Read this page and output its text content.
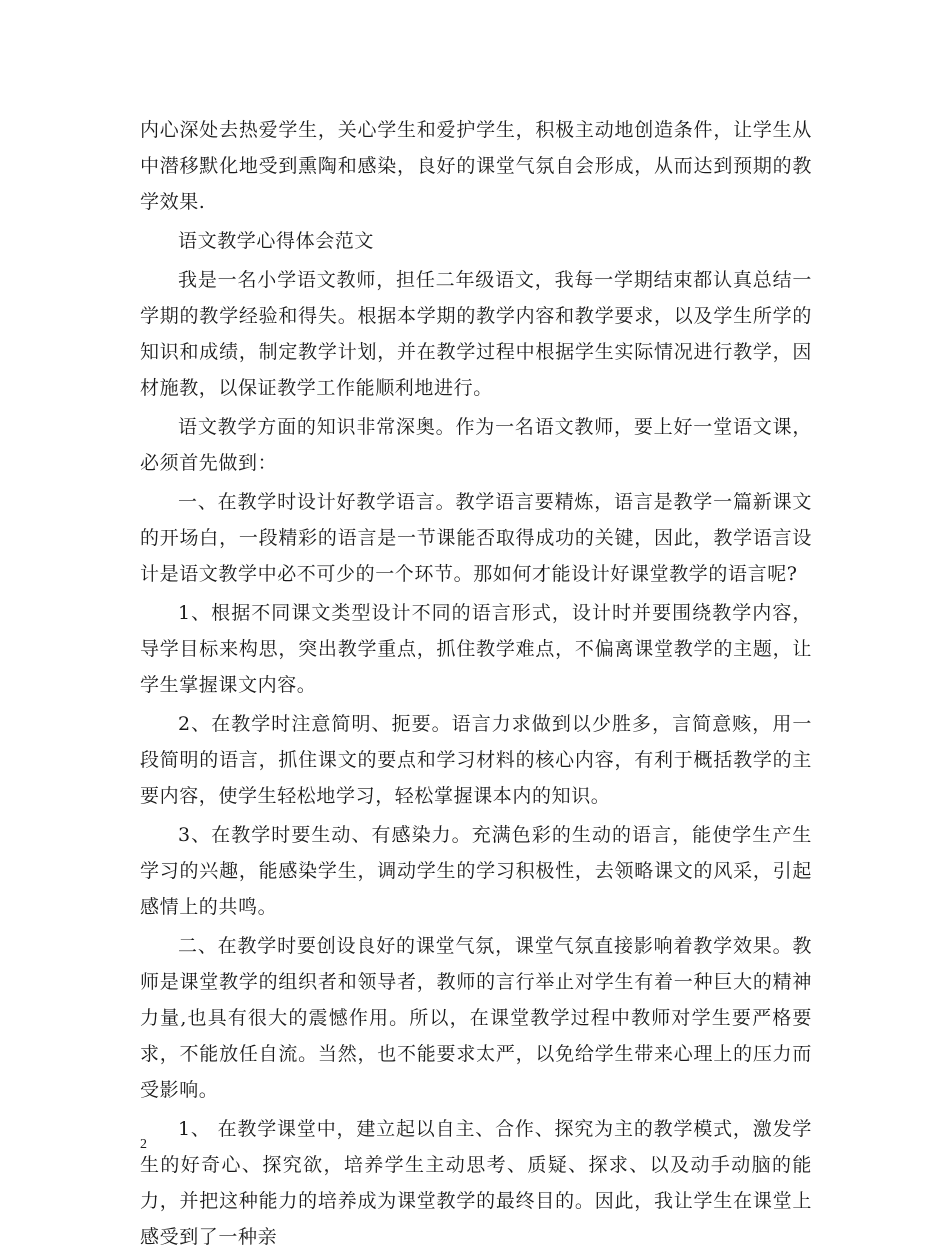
内心深处去热爱学生，关心学生和爱护学生，积极主动地创造条件，让学生从中潜移默化地受到熏陶和感染，良好的课堂气氛自会形成，从而达到预期的教学效果.

语文教学心得体会范文

我是一名小学语文教师，担任二年级语文，我每一学期结束都认真总结一学期的教学经验和得失。根据本学期的教学内容和教学要求，以及学生所学的知识和成绩，制定教学计划，并在教学过程中根据学生实际情况进行教学，因材施教，以保证教学工作能顺利地进行。

语文教学方面的知识非常深奥。作为一名语文教师，要上好一堂语文课，必须首先做到：

一、在教学时设计好教学语言。教学语言要精炼，语言是教学一篇新课文的开场白，一段精彩的语言是一节课能否取得成功的关键，因此，教学语言设计是语文教学中必不可少的一个环节。那如何才能设计好课堂教学的语言呢?

1、根据不同课文类型设计不同的语言形式，设计时并要围绕教学内容，导学目标来构思，突出教学重点，抓住教学难点，不偏离课堂教学的主题，让学生掌握课文内容。

2、在教学时注意简明、扼要。语言力求做到以少胜多，言简意赅，用一段简明的语言，抓住课文的要点和学习材料的核心内容，有利于概括教学的主要内容，使学生轻松地学习，轻松掌握课本内的知识。

3、在教学时要生动、有感染力。充满色彩的生动的语言，能使学生产生学习的兴趣，能感染学生，调动学生的学习积极性，去领略课文的风采，引起感情上的共鸣。

二、在教学时要创设良好的课堂气氛，课堂气氛直接影响着教学效果。教师是课堂教学的组织者和领导者，教师的言行举止对学生有着一种巨大的精神力量,也具有很大的震憾作用。所以，在课堂教学过程中教师对学生要严格要求，不能放任自流。当然，也不能要求太严，以免给学生带来心理上的压力而受影响。

1、 在教学课堂中，建立起以自主、合作、探究为主的教学模式，激发学生的好奇心、探究欲，培养学生主动思考、质疑、探求、以及动手动脑的能力，并把这种能力的培养成为课堂教学的最终目的。因此，我让学生在课堂上感受到了一种亲

2
